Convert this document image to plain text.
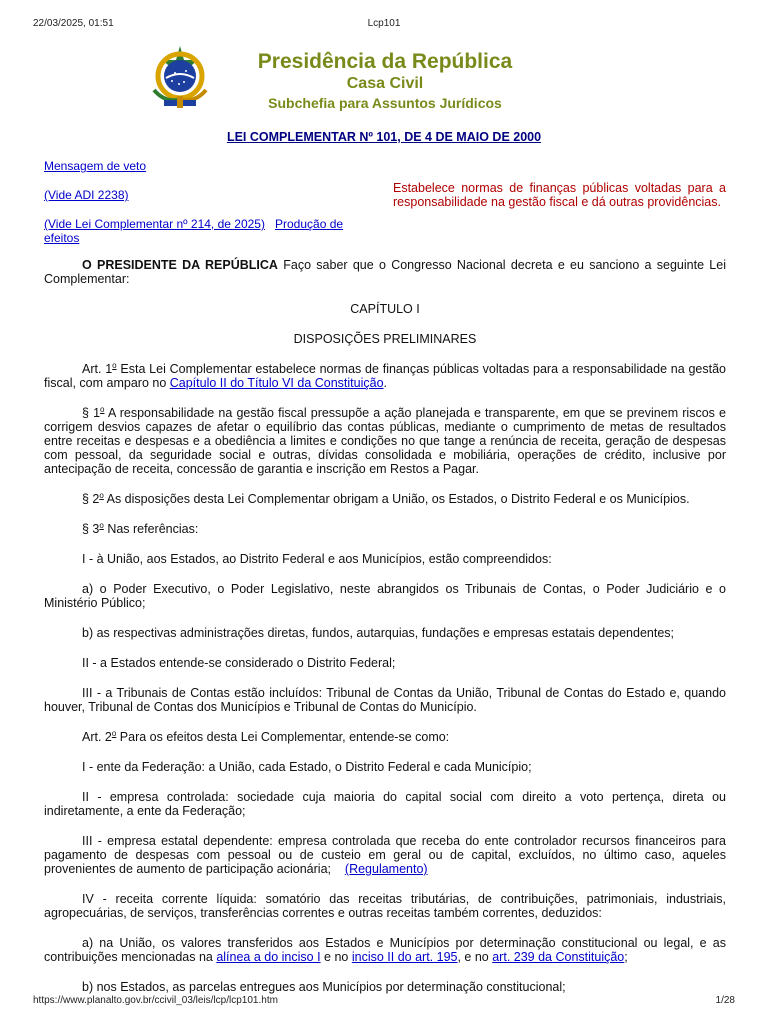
22/03/2025, 01:51	Lcp101
Presidência da República
Casa Civil
Subchefia para Assuntos Jurídicos
LEI COMPLEMENTAR Nº 101, DE 4 DE MAIO DE 2000
Mensagem de veto
(Vide ADI 2238)
(Vide Lei Complementar nº 214, de 2025) Produção de
efeitos
Estabelece normas de finanças públicas voltadas para a responsabilidade na gestão fiscal e dá outras providências.

O PRESIDENTE DA REPÚBLICA Faço saber que o Congresso Nacional decreta e eu sanciono a seguinte Lei Complementar:

CAPÍTULO I

DISPOSIÇÕES PRELIMINARES

Art. 1$^o$ Esta Lei Complementar estabelece normas de finanças públicas voltadas para a responsabilidade na gestão fiscal, com amparo no Capítulo II do Título VI da Constituição.

§ 1$^o$ A responsabilidade na gestão fiscal pressupõe a ação planejada e transparente, em que se previnem riscos e corrigem desvios capazes de afetar o equilíbrio das contas públicas, mediante o cumprimento de metas de resultados entre receitas e despesas e a obediência a limites e condições no que tange a renúncia de receita, geração de despesas com pessoal, da seguridade social e outras, dívidas consolidada e mobiliária, operações de crédito, inclusive por antecipação de receita, concessão de garantia e inscrição em Restos a Pagar.

§ 2$^o$ As disposições desta Lei Complementar obrigam a União, os Estados, o Distrito Federal e os Municípios.

§ 3$^o$ Nas referências:

I - à União, aos Estados, ao Distrito Federal e aos Municípios, estão compreendidos:

a) o Poder Executivo, o Poder Legislativo, neste abrangidos os Tribunais de Contas, o Poder Judiciário e o Ministério Público;

b) as respectivas administrações diretas, fundos, autarquias, fundações e empresas estatais dependentes;

II - a Estados entende-se considerado o Distrito Federal;

III - a Tribunais de Contas estão incluídos: Tribunal de Contas da União, Tribunal de Contas do Estado e, quando houver, Tribunal de Contas dos Municípios e Tribunal de Contas do Município.

Art. 2$^o$ Para os efeitos desta Lei Complementar, entende-se como:

I - ente da Federação: a União, cada Estado, o Distrito Federal e cada Município;

II - empresa controlada: sociedade cuja maioria do capital social com direito a voto pertença, direta ou indiretamente, a ente da Federação;

III - empresa estatal dependente: empresa controlada que receba do ente controlador recursos financeiros para pagamento de despesas com pessoal ou de custeio em geral ou de capital, excluídos, no último caso, aqueles provenientes de aumento de participação acionária; (Regulamento)

IV - receita corrente líquida: somatório das receitas tributárias, de contribuições, patrimoniais, industriais, agropecuárias, de serviços, transferências correntes e outras receitas também correntes, deduzidos:

a) na União, os valores transferidos aos Estados e Municípios por determinação constitucional ou legal, e as contribuições mencionadas na alínea a do inciso I e no inciso II do art. 195, e no art. 239 da Constituição;

b) nos Estados, as parcelas entregues aos Municípios por determinação constitucional;

https://www.planalto.gov.br/ccivil_03/leis/lcp/lcp101.htm	1/28
